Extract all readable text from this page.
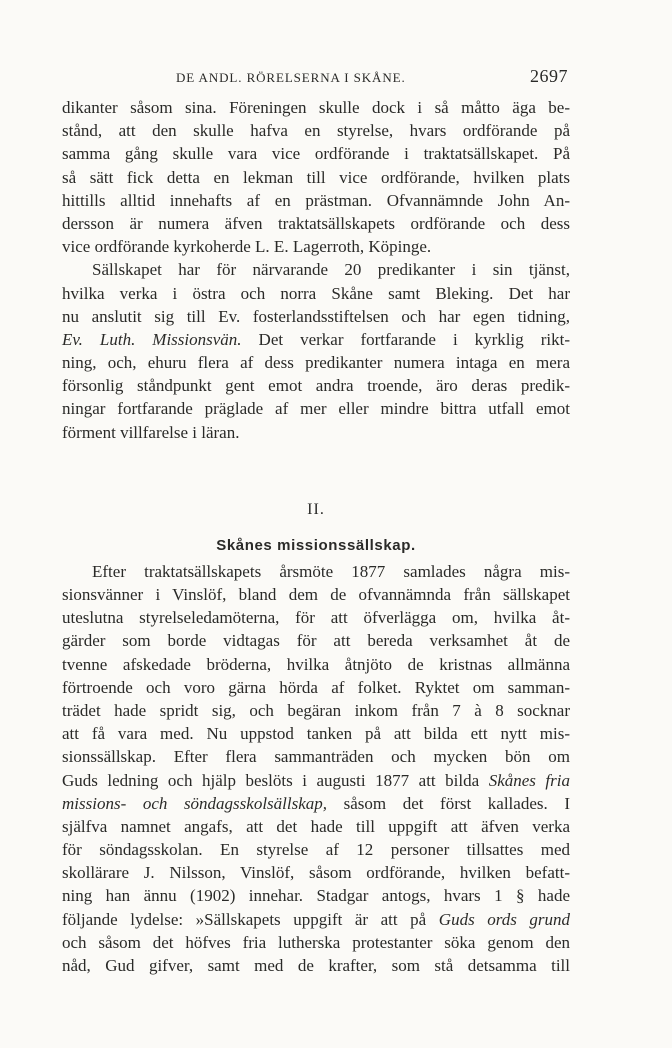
DE ANDL. RÖRELSERNA I SKÅNE.	2697
dikanter såsom sina. Föreningen skulle dock i så måtto äga be-
stånd, att den skulle hafva en styrelse, hvars ordförande på
samma gång skulle vara vice ordförande i traktatsällskapet. På
så sätt fick detta en lekman till vice ordförande, hvilken plats
hittills alltid innehafts af en prästman. Ofvannämnde John An-
dersson är numera äfven traktatsällskapets ordförande och dess
vice ordförande kyrkoherde L. E. Lagerroth, Köpinge.
Sällskapet har för närvarande 20 predikanter i sin tjänst,
hvilka verka i östra och norra Skåne samt Bleking. Det har
nu anslutit sig till Ev. fosterlandsstiftelsen och har egen tidning,
Ev. Luth. Missionsvän. Det verkar fortfarande i kyrklig rikt-
ning, och, ehuru flera af dess predikanter numera intaga en mera
försonlig ståndpunkt gent emot andra troende, äro deras predik-
ningar fortfarande präglade af mer eller mindre bittra utfall emot
förment villfarelse i läran.
II.
Skånes missionssällskap.
Efter traktatsällskapets årsmöte 1877 samlades några mis-
sionsvänner i Vinslöf, bland dem de ofvannämnda från sällskapet
uteslutna styrelseledamöterna, för att öfverlägga om, hvilka åt-
gärder som borde vidtagas för att bereda verksamhet åt de
tvenne afskedade bröderna, hvilka åtnjöto de kristnas allmänna
förtroende och voro gärna hörda af folket. Ryktet om samman-
trädet hade spridt sig, och begäran inkom från 7 à 8 socknar
att få vara med. Nu uppstod tanken på att bilda ett nytt mis-
sionssällskap. Efter flera sammanträden och mycken bön om
Guds ledning och hjälp beslöts i augusti 1877 att bilda Skånes fria
missions- och söndagsskolsällskap, såsom det först kallades. I
själfva namnet angafs, att det hade till uppgift att äfven verka
för söndagsskolan. En styrelse af 12 personer tillsattes med
skollärare J. Nilsson, Vinslöf, såsom ordförande, hvilken befatt-
ning han ännu (1902) innehar. Stadgar antogs, hvars 1 § hade
följande lydelse: »Sällskapets uppgift är att på Guds ords grund
och såsom det höfves fria lutherska protestanter söka genom den
nåd, Gud gifver, samt med de krafter, som stå detsamma till
